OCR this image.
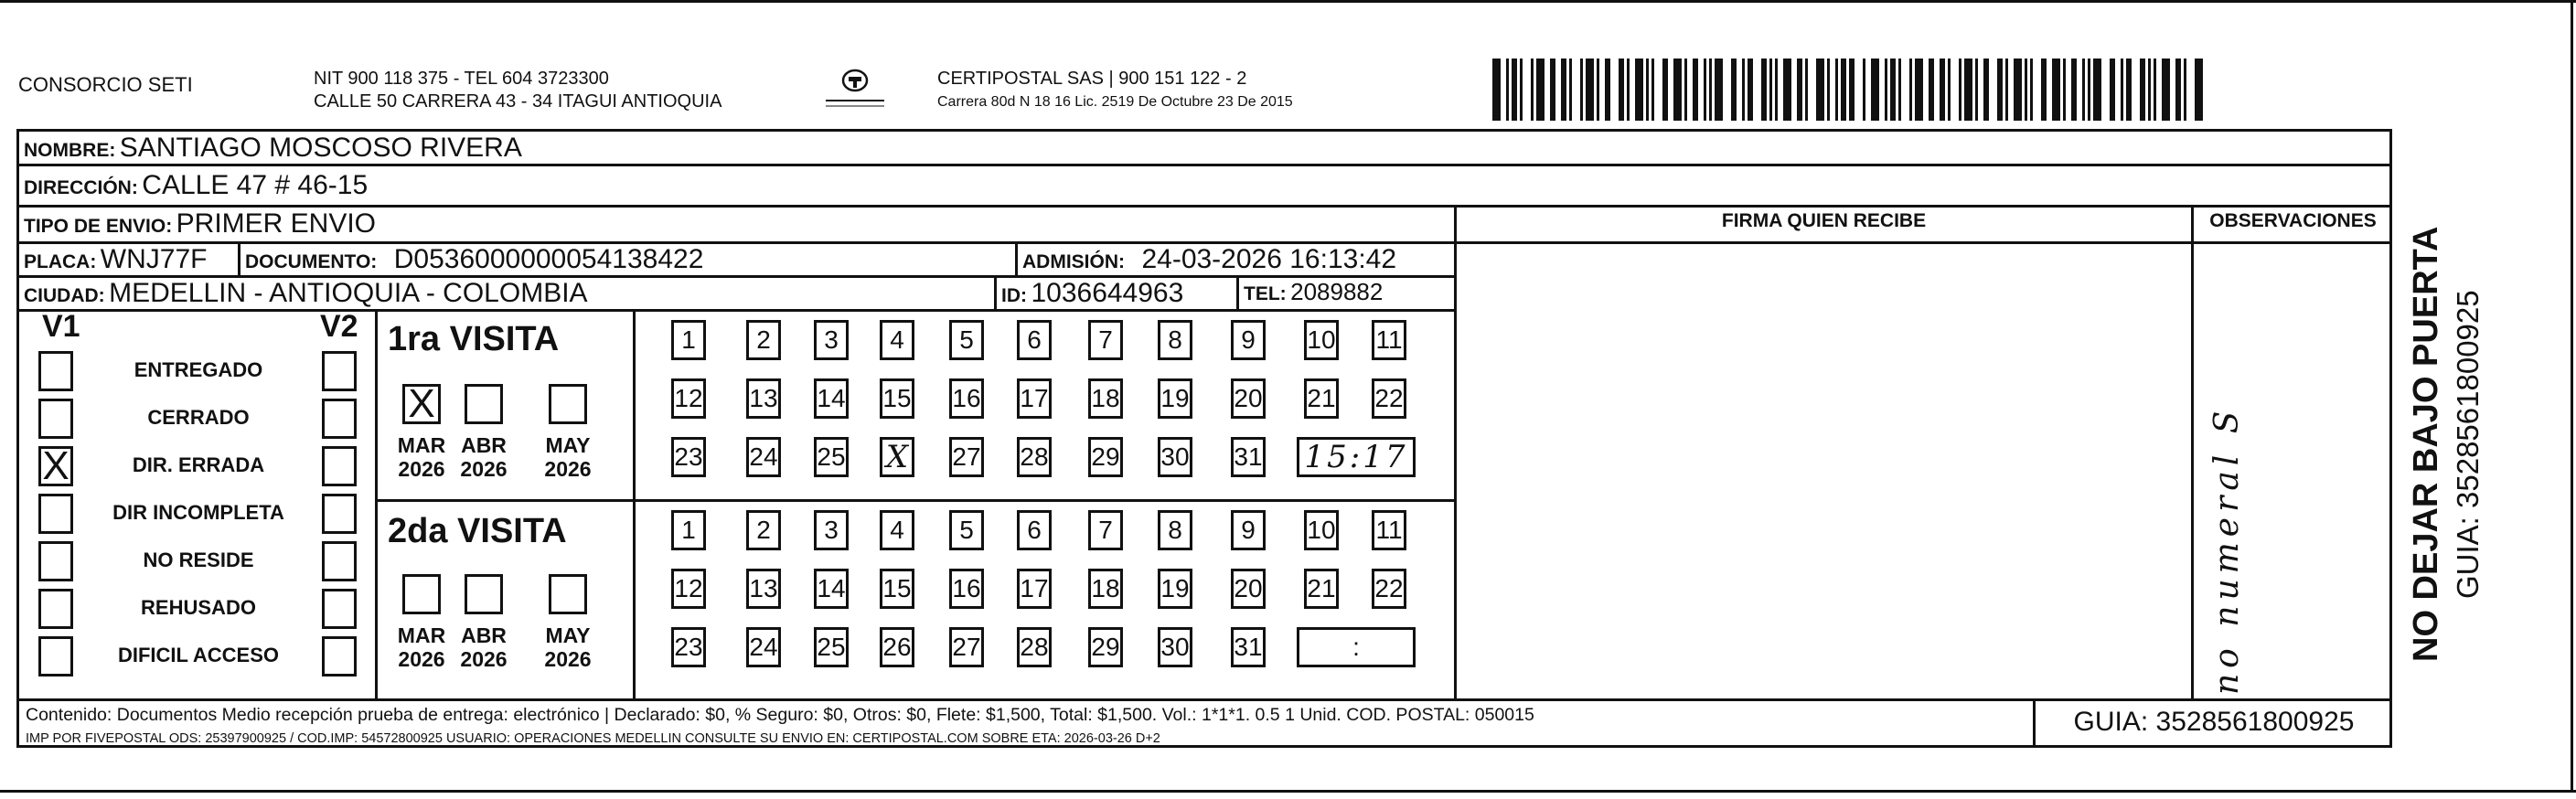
CONSORCIO SETI	NIT 900 118 375 - TEL 604 3723300
CALLE 50 CARRERA 43 - 34 ITAGUI ANTIOQUIA
CERTIPOSTAL SAS | 900 151 122 - 2
Carrera 80d N 18 16 Lic. 2519 De Octubre 23 De 2015
NOMBRE: SANTIAGO MOSCOSO RIVERA
DIRECCIÓN: CALLE 47 # 46-15
TIPO DE ENVIO: PRIMER ENVIO	FIRMA QUIEN RECIBE	OBSERVACIONES
PLACA: WNJ77F DOCUMENTO: D0536000000054138422	ADMISIÓN: 24-03-2026 16:13:42
CIUDAD: MEDELLIN - ANTIOQUIA - COLOMBIA	ID: 1036644963	TEL: 2089882
V1	V2
ENTREGADO
CERRADO
X	DIR. ERRADA
DIR INCOMPLETA
NO RESIDE
REHUSADO
DIFICIL ACCESO
1ra VISITA
2da VISITA
X
MAR
2026
ABR
2026
MAY
2026
1	2	3	4	5	6	7	8	9	10 11
12 13 14 15 16 17 18 19 20 21 22
23 24 25 X 27 28 29 30 31 15:17
MAR
2026
ABR
2026
MAY
2026
1	2	3	4	5	6	7	8	9	10 11
12 13 14 15 16 17 18 19 20 21 22
23 24 25 26 27 28 29 30 31	:	no numeral S
Contenido: Documentos Medio recepción prueba de entrega: electrónico | Declarado: $0, % Seguro: $0, Otros: $0, Flete: $1,500, Total: $1,500. Vol.: 1*1*1. 0.5 1 Unid. COD. POSTAL: 050015
IMP POR FIVEPOSTAL ODS: 25397900925 / COD.IMP: 54572800925 USUARIO: OPERACIONES MEDELLIN CONSULTE SU ENVIO EN: CERTIPOSTAL.COM SOBRE ETA: 2026-03-26 D+2
GUIA: 3528561800925
NO DEJAR BAJO PUERTA GUIA: 3528561800925
